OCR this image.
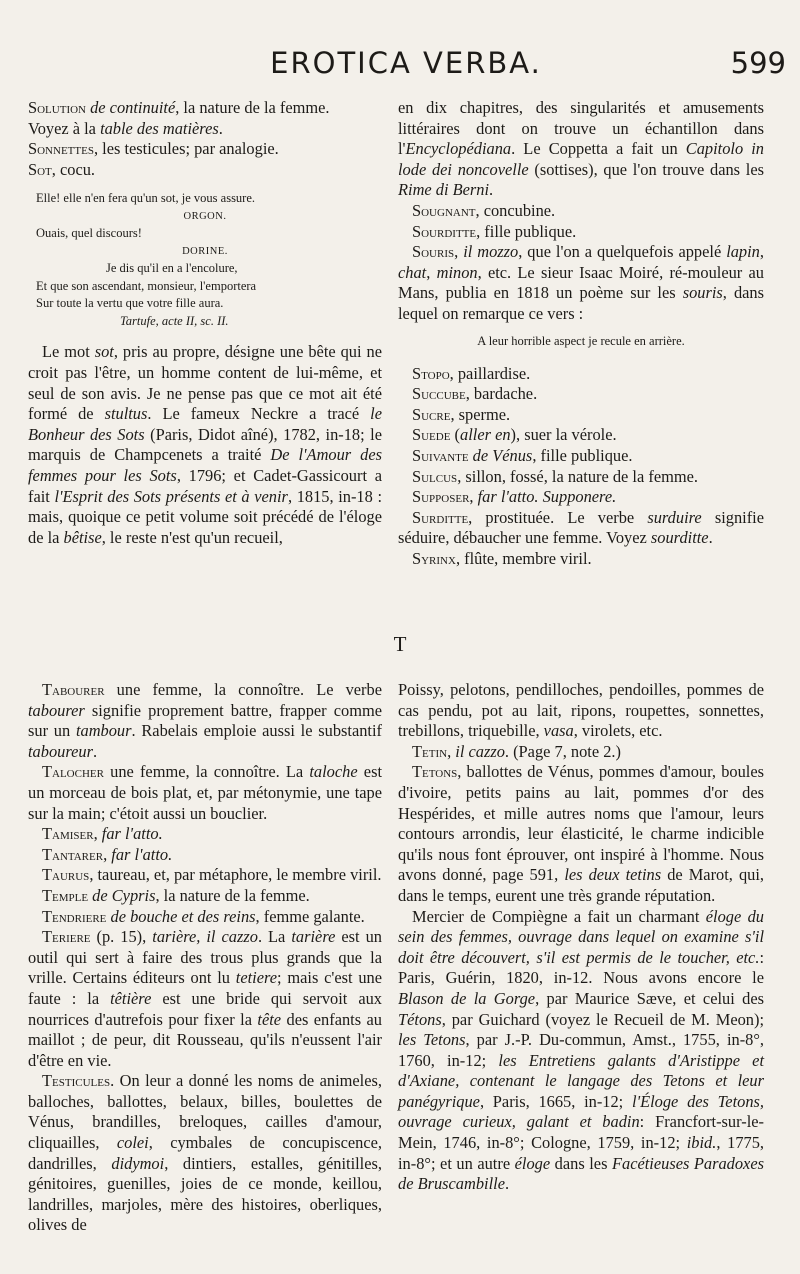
EROTICA VERBA.	599

Solution de continuité, la nature de la femme.

Voyez à la table des matières.

Sonnettes, les testicules; par analogie.

Sot, cocu.

Elle! elle n'en fera qu'un sot, je vous assure.
ORGON.
Ouais, quel discours!
DORINE.
Je dis qu'il en a l'encolure,
Et que son ascendant, monsieur, l'emportera
Sur toute la vertu que votre fille aura.
Tartufe, acte II, sc. II.

Le mot sot, pris au propre, désigne une bête qui ne croit pas l'être, un homme content de lui-même, et seul de son avis. Je ne pense pas que ce mot ait été formé de stultus. Le fameux Neckre a tracé le Bonheur des Sots (Paris, Didot aîné), 1782, in-18; le marquis de Champcenets a traité De l'Amour des femmes pour les Sots, 1796; et Cadet-Gassicourt a fait l'Esprit des Sots présents et à venir, 1815, in-18 : mais, quoique ce petit volume soit précédé de l'éloge de la bêtise, le reste n'est qu'un recueil,

en dix chapitres, des singularités et amusements littéraires dont on trouve un échantillon dans l'Encyclopédiana. Le Coppetta a fait un Capitolo in lode dei noncovelle (sottises), que l'on trouve dans les Rime di Berni.

Sougnant, concubine.

Sourditte, fille publique.

Souris, il mozzo, que l'on a quelquefois appelé lapin, chat, minon, etc. Le sieur Isaac Moiré, ré-mouleur au Mans, publia en 1818 un poème sur les souris, dans lequel on remarque ce vers :

A leur horrible aspect je recule en arrière.

Stopo, paillardise.

Succube, bardache.

Sucre, sperme.

Suede (aller en), suer la vérole.

Suivante de Vénus, fille publique.

Sulcus, sillon, fossé, la nature de la femme.

Supposer, far l'atto. Supponere.

Surditte, prostituée. Le verbe surduire signifie séduire, débaucher une femme. Voyez sourditte.

Syrinx, flûte, membre viril.

T

Tabourer une femme, la connoître. Le verbe tabourer signifie proprement battre, frapper comme sur un tambour. Rabelais emploie aussi le substantif taboureur.

Talocher une femme, la connoître. La taloche est un morceau de bois plat, et, par métonymie, une tape sur la main; c'étoit aussi un bouclier.

Tamiser, far l'atto.

Tantarer, far l'atto.

Taurus, taureau, et, par métaphore, le membre viril.

Temple de Cypris, la nature de la femme.

Tendriere de bouche et des reins, femme galante.

Teriere (p. 15), tarière, il cazzo. La tarière est un outil qui sert à faire des trous plus grands que la vrille. Certains éditeurs ont lu tetiere; mais c'est une faute : la têtière est une bride qui servoit aux nourrices d'autrefois pour fixer la tête des enfants au maillot ; de peur, dit Rousseau, qu'ils n'eussent l'air d'être en vie.

Testicules. On leur a donné les noms de animeles, balloches, ballottes, belaux, billes, boulettes de Vénus, brandilles, breloques, cailles d'amour, cliquailles, colei, cymbales de concupiscence, dandrilles, didymoi, dintiers, estalles, génitilles, génitoires, guenilles, joies de ce monde, keillou, landrilles, marjoles, mère des histoires, oberliques, olives de

Poissy, pelotons, pendilloches, pendoilles, pommes de cas pendu, pot au lait, ripons, roupettes, sonnettes, trebillons, triquebille, vasa, virolets, etc.

Tetin, il cazzo. (Page 7, note 2.)

Tetons, ballottes de Vénus, pommes d'amour, boules d'ivoire, petits pains au lait, pommes d'or des Hespérides, et mille autres noms que l'amour, leurs contours arrondis, leur élasticité, le charme indicible qu'ils nous font éprouver, ont inspiré à l'homme. Nous avons donné, page 591, les deux tetins de Marot, qui, dans le temps, eurent une très grande réputation.

Mercier de Compiègne a fait un charmant éloge du sein des femmes, ouvrage dans lequel on examine s'il doit être découvert, s'il est permis de le toucher, etc.: Paris, Guérin, 1820, in-12. Nous avons encore le Blason de la Gorge, par Maurice Sæve, et celui des Tétons, par Guichard (voyez le Recueil de M. Meon); les Tetons, par J.-P. Du-commun, Amst., 1755, in-8°, 1760, in-12; les Entretiens galants d'Aristippe et d'Axiane, contenant le langage des Tetons et leur panégyrique, Paris, 1665, in-12; l'Éloge des Tetons, ouvrage curieux, galant et badin: Francfort-sur-le-Mein, 1746, in-8°; Cologne, 1759, in-12; ibid., 1775, in-8°; et un autre éloge dans les Facétieuses Paradoxes de Bruscambille.
